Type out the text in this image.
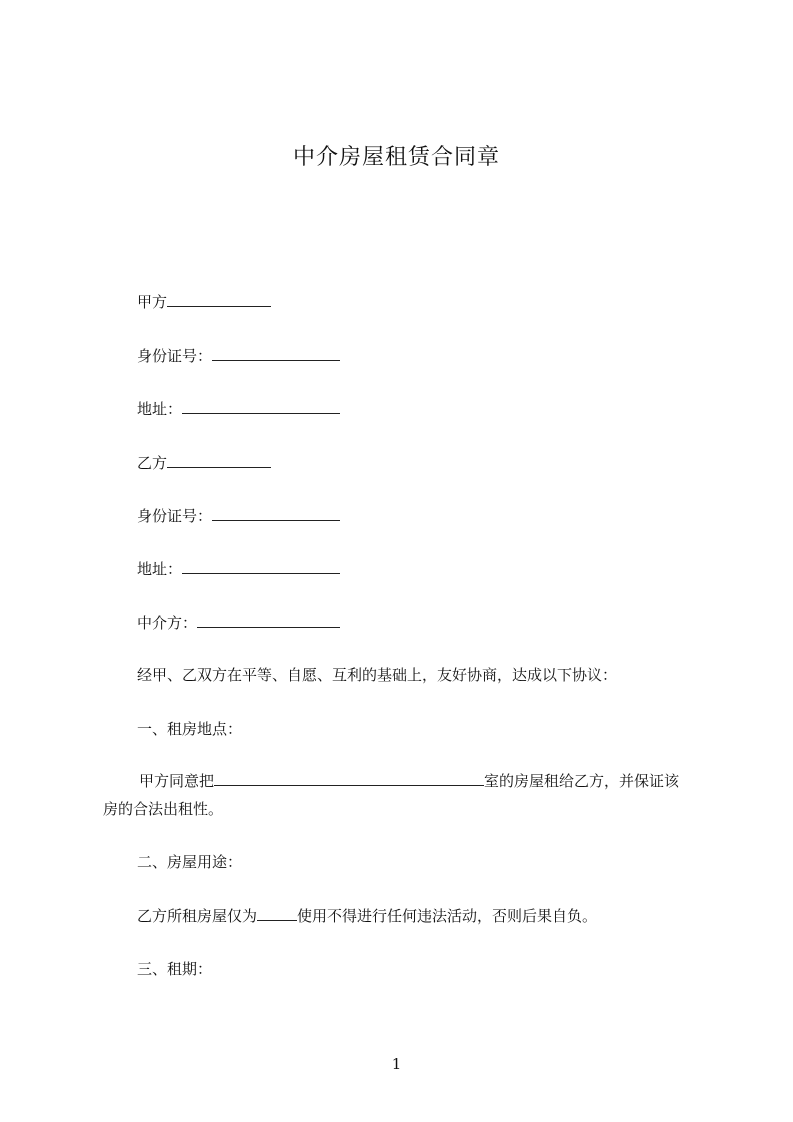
中介房屋租赁合同章
甲方
身份证号：
地址：
乙方
身份证号：
地址：
中介方：
经甲、乙双方在平等、自愿、互利的基础上，友好协商，达成以下协议：
一、租房地点：
甲方同意把	室的房屋租给乙方，并保证该
房的合法出租性。
二、房屋用途：
乙方所租房屋仅为	使用不得进行任何违法活动，否则后果自负。
三、租期：
1
